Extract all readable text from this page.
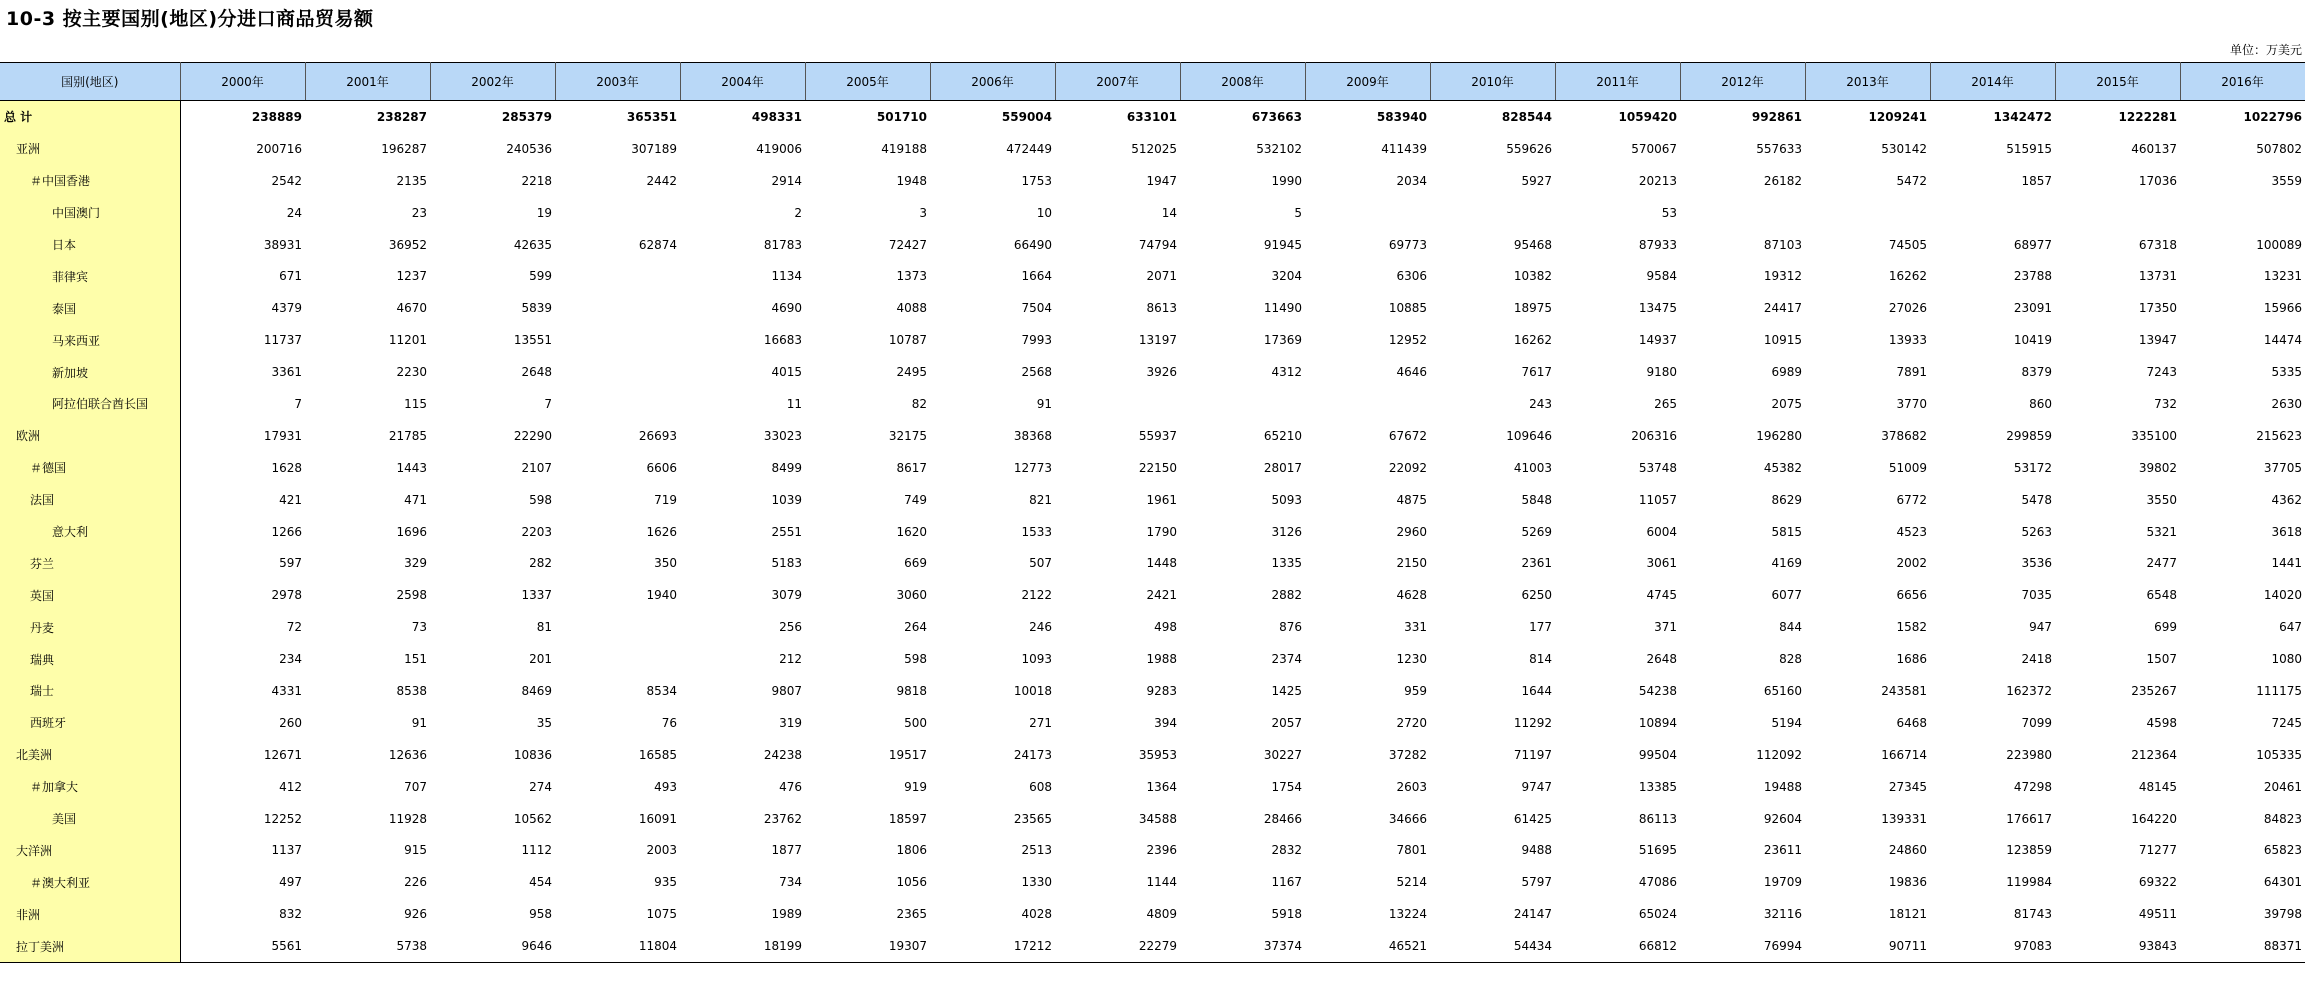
10-3 按主要国别(地区)分进口商品贸易额
单位：万美元
国别(地区)	2000年	2001年	2002年	2003年	2004年	2005年	2006年	2007年	2008年	2009年	2010年	2011年	2012年	2013年	2014年	2015年	2016年
总 计	238889	238287	285379	365351	498331	501710	559004	633101	673663	583940	828544	1059420	992861	1209241	1342472	1222281	1022796
亚洲	200716	196287	240536	307189	419006	419188	472449	512025	532102	411439	559626	570067	557633	530142	515915	460137	507802
＃中国香港	2542	2135	2218	2442	2914	1948	1753	1947	1990	2034	5927	20213	26182	5472	1857	17036	3559
中国澳门	24	23	19		2	3	10	14	5			53					
日本	38931	36952	42635	62874	81783	72427	66490	74794	91945	69773	95468	87933	87103	74505	68977	67318	100089
菲律宾	671	1237	599		1134	1373	1664	2071	3204	6306	10382	9584	19312	16262	23788	13731	13231
泰国	4379	4670	5839		4690	4088	7504	8613	11490	10885	18975	13475	24417	27026	23091	17350	15966
马来西亚	11737	11201	13551		16683	10787	7993	13197	17369	12952	16262	14937	10915	13933	10419	13947	14474
新加坡	3361	2230	2648		4015	2495	2568	3926	4312	4646	7617	9180	6989	7891	8379	7243	5335
阿拉伯联合酋长国	7	115	7		11	82	91				243	265	2075	3770	860	732	2630
欧洲	17931	21785	22290	26693	33023	32175	38368	55937	65210	67672	109646	206316	196280	378682	299859	335100	215623
＃德国	1628	1443	2107	6606	8499	8617	12773	22150	28017	22092	41003	53748	45382	51009	53172	39802	37705
法国	421	471	598	719	1039	749	821	1961	5093	4875	5848	11057	8629	6772	5478	3550	4362
意大利	1266	1696	2203	1626	2551	1620	1533	1790	3126	2960	5269	6004	5815	4523	5263	5321	3618
芬兰	597	329	282	350	5183	669	507	1448	1335	2150	2361	3061	4169	2002	3536	2477	1441
英国	2978	2598	1337	1940	3079	3060	2122	2421	2882	4628	6250	4745	6077	6656	7035	6548	14020
丹麦	72	73	81		256	264	246	498	876	331	177	371	844	1582	947	699	647
瑞典	234	151	201		212	598	1093	1988	2374	1230	814	2648	828	1686	2418	1507	1080
瑞士	4331	8538	8469	8534	9807	9818	10018	9283	1425	959	1644	54238	65160	243581	162372	235267	111175
西班牙	260	91	35	76	319	500	271	394	2057	2720	11292	10894	5194	6468	7099	4598	7245
北美洲	12671	12636	10836	16585	24238	19517	24173	35953	30227	37282	71197	99504	112092	166714	223980	212364	105335
＃加拿大	412	707	274	493	476	919	608	1364	1754	2603	9747	13385	19488	27345	47298	48145	20461
美国	12252	11928	10562	16091	23762	18597	23565	34588	28466	34666	61425	86113	92604	139331	176617	164220	84823
大洋洲	1137	915	1112	2003	1877	1806	2513	2396	2832	7801	9488	51695	23611	24860	123859	71277	65823
＃澳大利亚	497	226	454	935	734	1056	1330	1144	1167	5214	5797	47086	19709	19836	119984	69322	64301
非洲	832	926	958	1075	1989	2365	4028	4809	5918	13224	24147	65024	32116	18121	81743	49511	39798
拉丁美洲	5561	5738	9646	11804	18199	19307	17212	22279	37374	46521	54434	66812	76994	90711	97083	93843	88371
